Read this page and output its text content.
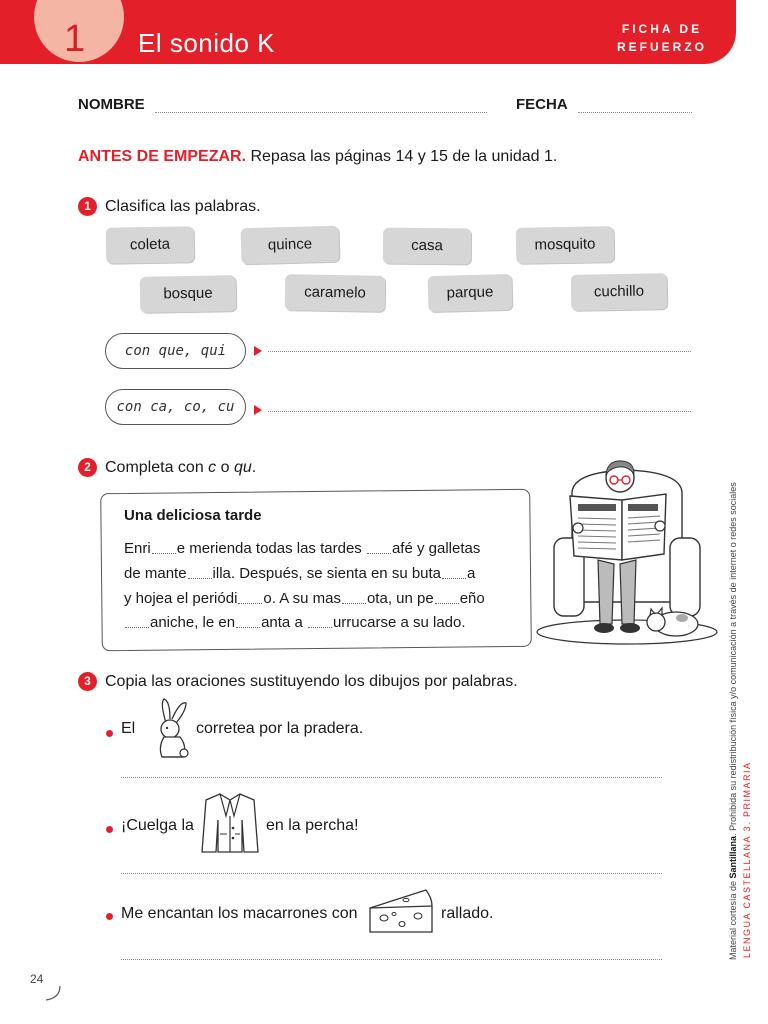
1 El sonido K	FICHA DE
REFUERZO
NOMBRE	FECHA
ANTES DE EMPEZAR. Repasa las páginas 14 y 15 de la unidad 1.
1 Clasifica las palabras.
coleta	quince	casa	mosquito
bosque	caramelo	parque	cuchillo
con que, qui
con ca, co, cu
2 Completa con c o qu.
Una deliciosa tarde
Enri e merienda todas las tardes afé y galletas
de mante illa. Después, se sienta en su buta a
y hojea el periódi o. A su mas ota, un pe eño
aniche, le en anta a urrucarse a su lado.
3 Copia las oraciones sustituyendo los dibujos por palabras.
El	corretea por la pradera.
¡Cuelga la	en la percha!
Me encantan los macarrones con	rallado.	Material cortesía de Santillana. Prohibida su redistribución física y/o comunicación a través de internet o redes sociales
LENGUA CASTELLANA 3. PRIMARIA
24
